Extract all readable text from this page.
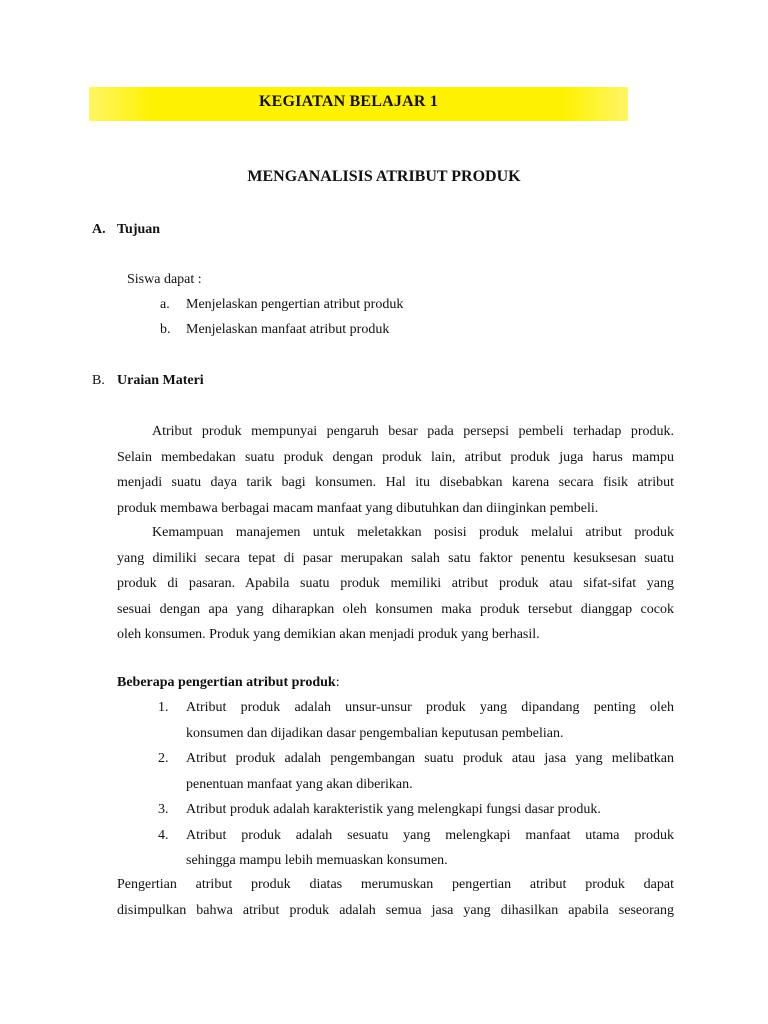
KEGIATAN BELAJAR 1
MENGANALISIS ATRIBUT PRODUK
A. Tujuan
Siswa dapat :
a. Menjelaskan pengertian atribut produk
b. Menjelaskan manfaat atribut produk
B. Uraian Materi
Atribut produk mempunyai pengaruh besar pada persepsi pembeli terhadap produk.
Selain membedakan suatu produk dengan produk lain, atribut produk juga harus mampu
menjadi suatu daya tarik bagi konsumen. Hal itu disebabkan karena secara fisik atribut
produk membawa berbagai macam manfaat yang dibutuhkan dan diinginkan pembeli.
Kemampuan manajemen untuk meletakkan posisi produk melalui atribut produk
yang dimiliki secara tepat di pasar merupakan salah satu faktor penentu kesuksesan suatu
produk di pasaran. Apabila suatu produk memiliki atribut produk atau sifat-sifat yang
sesuai dengan apa yang diharapkan oleh konsumen maka produk tersebut dianggap cocok
oleh konsumen. Produk yang demikian akan menjadi produk yang berhasil.
Beberapa pengertian atribut produk:
1. Atribut produk adalah unsur-unsur produk yang dipandang penting oleh
konsumen dan dijadikan dasar pengembalian keputusan pembelian.
2. Atribut produk adalah pengembangan suatu produk atau jasa yang melibatkan
penentuan manfaat yang akan diberikan.
3. Atribut produk adalah karakteristik yang melengkapi fungsi dasar produk.
4. Atribut produk adalah sesuatu yang melengkapi manfaat utama produk
sehingga mampu lebih memuaskan konsumen.
Pengertian atribut produk diatas merumuskan pengertian atribut produk dapat
disimpulkan bahwa atribut produk adalah semua jasa yang dihasilkan apabila seseorang
